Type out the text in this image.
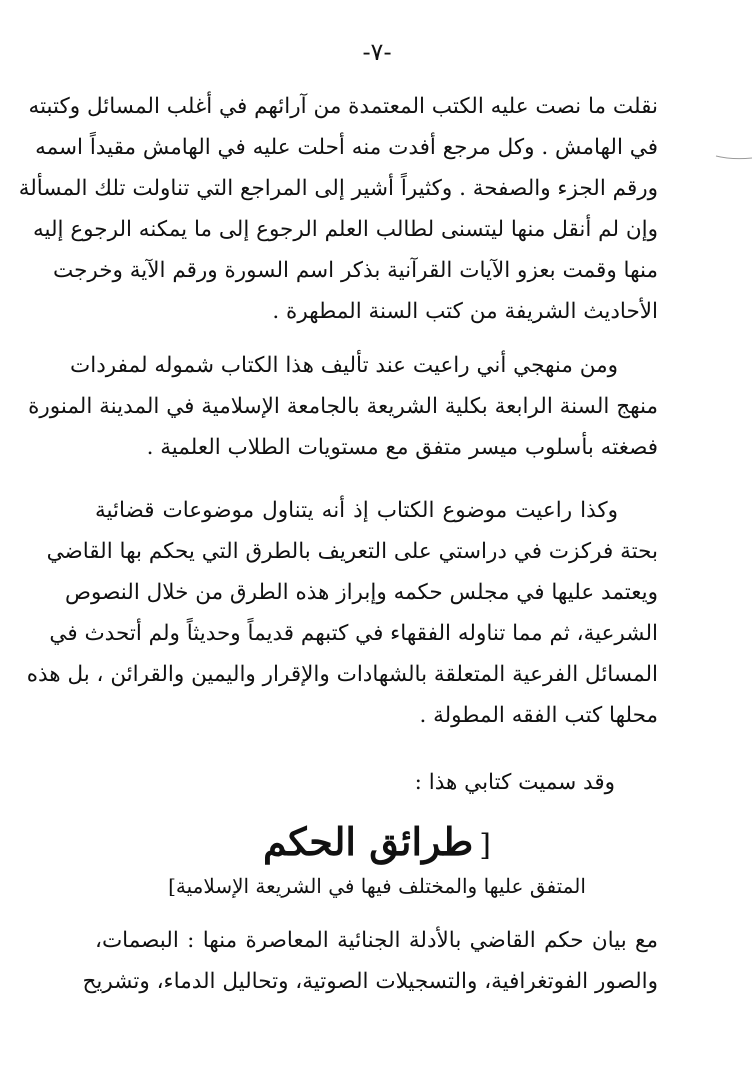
-٧-
نقلت ما نصت عليه الكتب المعتمدة من آرائهم في أغلب المسائل وكتبته
في الهامش . وكل مرجع أفدت منه أحلت عليه في الهامش مقيداً اسمه
ورقم الجزء والصفحة . وكثيراً أشير إلى المراجع التي تناولت تلك المسألة
وإن لم أنقل منها ليتسنى لطالب العلم الرجوع إلى ما يمكنه الرجوع إليه
منها وقمت بعزو الآيات القرآنية بذكر اسم السورة ورقم الآية وخرجت
الأحاديث الشريفة من كتب السنة المطهرة .
ومن منهجي أني راعيت عند تأليف هذا الكتاب شموله لمفردات
منهج السنة الرابعة بكلية الشريعة بالجامعة الإسلامية في المدينة المنورة
فصغته بأسلوب ميسر متفق مع مستويات الطلاب العلمية .
وكذا راعيت موضوع الكتاب إذ أنه يتناول موضوعات قضائية
بحتة فركزت في دراستي على التعريف بالطرق التي يحكم بها القاضي
ويعتمد عليها في مجلس حكمه وإبراز هذه الطرق من خلال النصوص
الشرعية، ثم مما تناوله الفقهاء في كتبهم قديماً وحديثاً ولم أتحدث في
المسائل الفرعية المتعلقة بالشهادات والإقرار واليمين والقرائن ، بل هذه
محلها كتب الفقه المطولة .
وقد سميت كتابي هذا :
[طرائق الحكم
المتفق عليها والمختلف فيها في الشريعة الإسلامية]
مع بيان حكم القاضي بالأدلة الجنائية المعاصرة منها : البصمات،
والصور الفوتغرافية، والتسجيلات الصوتية، وتحاليل الدماء، وتشريح
